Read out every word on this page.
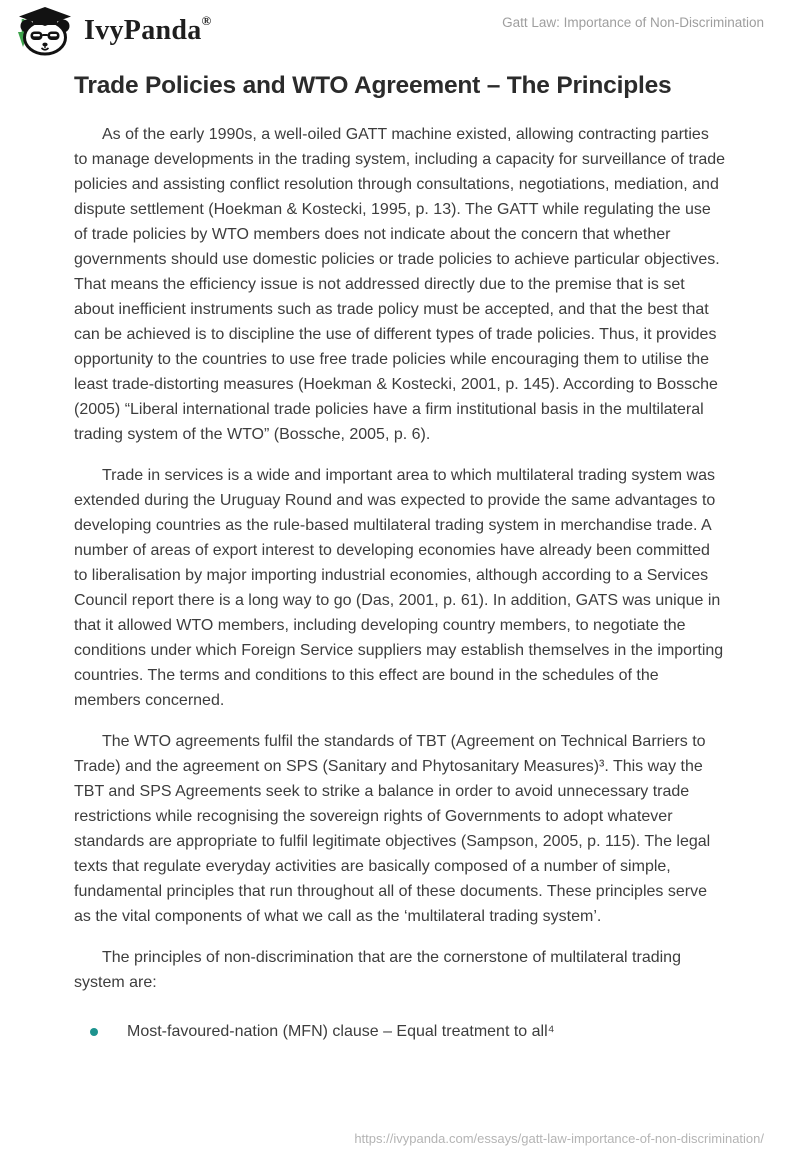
IvyPanda®	Gatt Law: Importance of Non-Discrimination
Trade Policies and WTO Agreement – The Principles

As of the early 1990s, a well-oiled GATT machine existed, allowing contracting parties to manage developments in the trading system, including a capacity for surveillance of trade policies and assisting conflict resolution through consultations, negotiations, mediation, and dispute settlement (Hoekman & Kostecki, 1995, p. 13). The GATT while regulating the use of trade policies by WTO members does not indicate about the concern that whether governments should use domestic policies or trade policies to achieve particular objectives. That means the efficiency issue is not addressed directly due to the premise that is set about inefficient instruments such as trade policy must be accepted, and that the best that can be achieved is to discipline the use of different types of trade policies. Thus, it provides opportunity to the countries to use free trade policies while encouraging them to utilise the least trade-distorting measures (Hoekman & Kostecki, 2001, p. 145). According to Bossche (2005) “Liberal international trade policies have a firm institutional basis in the multilateral trading system of the WTO” (Bossche, 2005, p. 6).

Trade in services is a wide and important area to which multilateral trading system was extended during the Uruguay Round and was expected to provide the same advantages to developing countries as the rule-based multilateral trading system in merchandise trade. A number of areas of export interest to developing economies have already been committed to liberalisation by major importing industrial economies, although according to a Services Council report there is a long way to go (Das, 2001, p. 61). In addition, GATS was unique in that it allowed WTO members, including developing country members, to negotiate the conditions under which Foreign Service suppliers may establish themselves in the importing countries. The terms and conditions to this effect are bound in the schedules of the members concerned.

The WTO agreements fulfil the standards of TBT (Agreement on Technical Barriers to Trade) and the agreement on SPS (Sanitary and Phytosanitary Measures)³. This way the TBT and SPS Agreements seek to strike a balance in order to avoid unnecessary trade restrictions while recognising the sovereign rights of Governments to adopt whatever standards are appropriate to fulfil legitimate objectives (Sampson, 2005, p. 115). The legal texts that regulate everyday activities are basically composed of a number of simple, fundamental principles that run throughout all of these documents. These principles serve as the vital components of what we call as the ‘multilateral trading system’.

The principles of non-discrimination that are the cornerstone of multilateral trading system are:

Most-favoured-nation (MFN) clause – Equal treatment to all⁴
https://ivypanda.com/essays/gatt-law-importance-of-non-discrimination/
